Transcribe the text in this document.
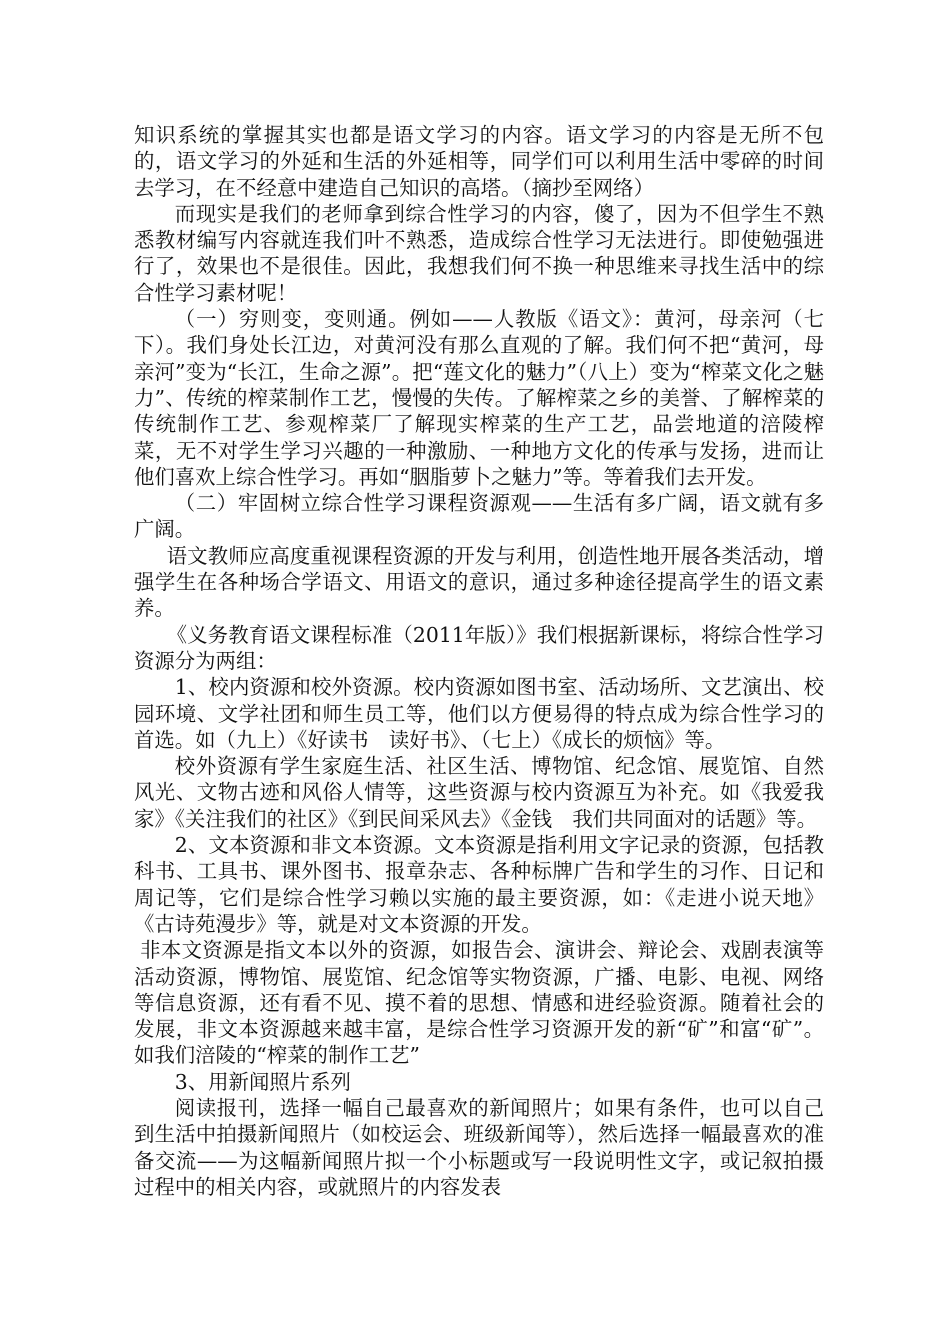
知识系统的掌握其实也都是语文学习的内容。语文学习的内容是无所不包的，语文学习的外延和生活的外延相等，同学们可以利用生活中零碎的时间去学习，在不经意中建造自己知识的高塔。（摘抄至网络）

而现实是我们的老师拿到综合性学习的内容，傻了，因为不但学生不熟悉教材编写内容就连我们叶不熟悉，造成综合性学习无法进行。即使勉强进行了，效果也不是很佳。因此，我想我们何不换一种思维来寻找生活中的综合性学习素材呢！

（一）穷则变，变则通。例如——人教版《语文》：黄河，母亲河（七下）。我们身处长江边，对黄河没有那么直观的了解。我们何不把“黄河，母亲河”变为“长江，生命之源”。把“莲文化的魅力”（八上）变为“榨菜文化之魅力”、传统的榨菜制作工艺，慢慢的失传。了解榨菜之乡的美誉、了解榨菜的传统制作工艺、参观榨菜厂了解现实榨菜的生产工艺，品尝地道的涪陵榨菜，无不对学生学习兴趣的一种激励、一种地方文化的传承与发扬，进而让他们喜欢上综合性学习。再如“胭脂萝卜之魅力”等。等着我们去开发。

（二）牢固树立综合性学习课程资源观——生活有多广阔，语文就有多广阔。

语文教师应高度重视课程资源的开发与利用，创造性地开展各类活动，增强学生在各种场合学语文、用语文的意识，通过多种途径提高学生的语文素养。

《义务教育语文课程标准（2011年版）》我们根据新课标，将综合性学习资源分为两组：

1、校内资源和校外资源。校内资源如图书室、活动场所、文艺演出、校园环境、文学社团和师生员工等，他们以方便易得的特点成为综合性学习的首选。如（九上）《好读书　读好书》、（七上）《成长的烦恼》等。

校外资源有学生家庭生活、社区生活、博物馆、纪念馆、展览馆、自然风光、文物古迹和风俗人情等，这些资源与校内资源互为补充。如《我爱我家》《关注我们的社区》《到民间采风去》《金钱　我们共同面对的话题》等。

2、文本资源和非文本资源。文本资源是指利用文字记录的资源，包括教科书、工具书、课外图书、报章杂志、各种标牌广告和学生的习作、日记和周记等，它们是综合性学习赖以实施的最主要资源，如：《走进小说天地》《古诗苑漫步》等，就是对文本资源的开发。

非本文资源是指文本以外的资源，如报告会、演讲会、辩论会、戏剧表演等活动资源，博物馆、展览馆、纪念馆等实物资源，广播、电影、电视、网络等信息资源，还有看不见、摸不着的思想、情感和进经验资源。随着社会的发展，非文本资源越来越丰富，是综合性学习资源开发的新“矿”和富“矿”。如我们涪陵的“榨菜的制作工艺”

3、用新闻照片系列

阅读报刊，选择一幅自己最喜欢的新闻照片；如果有条件，也可以自己到生活中拍摄新闻照片（如校运会、班级新闻等），然后选择一幅最喜欢的准备交流——为这幅新闻照片拟一个小标题或写一段说明性文字，或记叙拍摄过程中的相关内容，或就照片的内容发表
